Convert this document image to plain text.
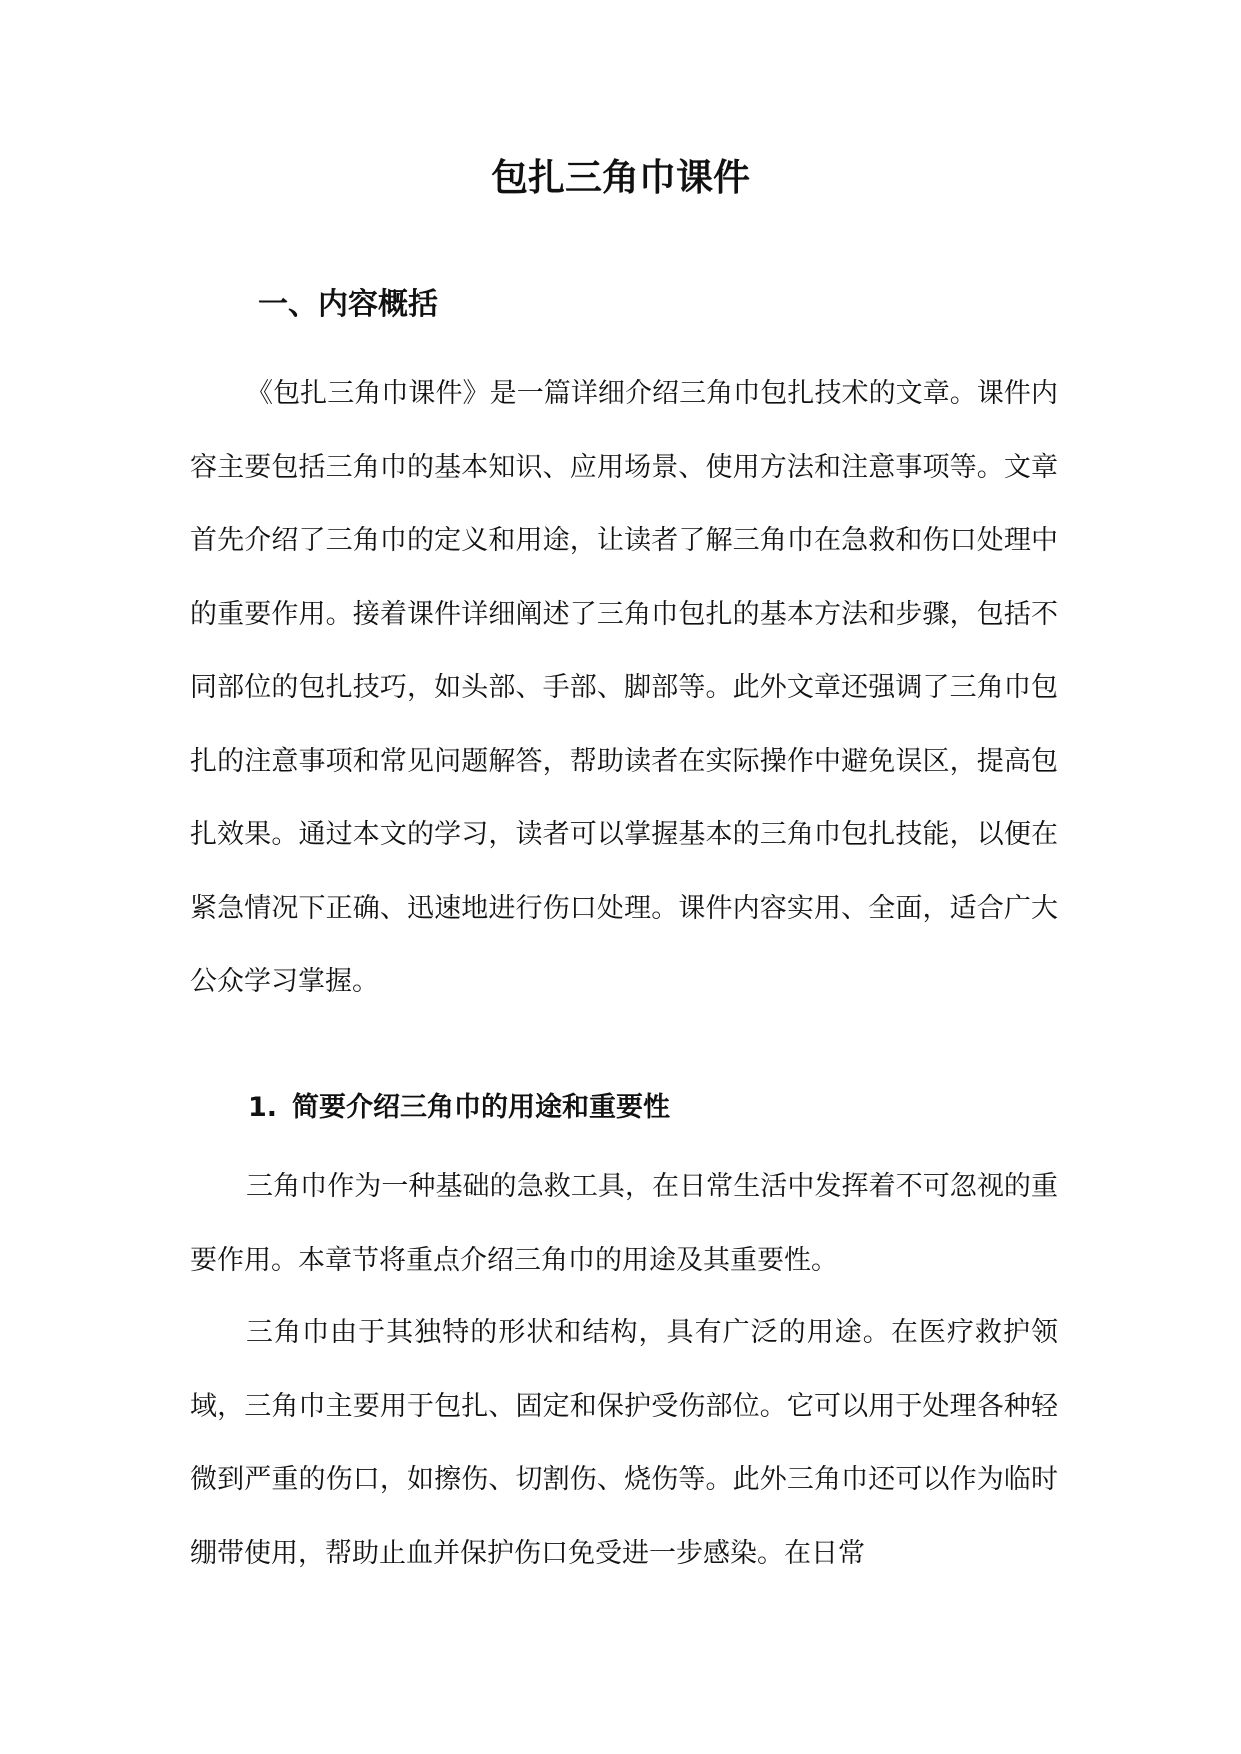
包扎三角巾课件
一、内容概括

《包扎三角巾课件》是一篇详细介绍三角巾包扎技术的文章。课件内容主要包括三角巾的基本知识、应用场景、使用方法和注意事项等。文章首先介绍了三角巾的定义和用途，让读者了解三角巾在急救和伤口处理中的重要作用。接着课件详细阐述了三角巾包扎的基本方法和步骤，包括不同部位的包扎技巧，如头部、手部、脚部等。此外文章还强调了三角巾包扎的注意事项和常见问题解答，帮助读者在实际操作中避免误区，提高包扎效果。通过本文的学习，读者可以掌握基本的三角巾包扎技能，以便在紧急情况下正确、迅速地进行伤口处理。课件内容实用、全面，适合广大公众学习掌握。

1. 简要介绍三角巾的用途和重要性

三角巾作为一种基础的急救工具，在日常生活中发挥着不可忽视的重要作用。本章节将重点介绍三角巾的用途及其重要性。

三角巾由于其独特的形状和结构，具有广泛的用途。在医疗救护领域，三角巾主要用于包扎、固定和保护受伤部位。它可以用于处理各种轻微到严重的伤口，如擦伤、切割伤、烧伤等。此外三角巾还可以作为临时绷带使用，帮助止血并保护伤口免受进一步感染。在日常
